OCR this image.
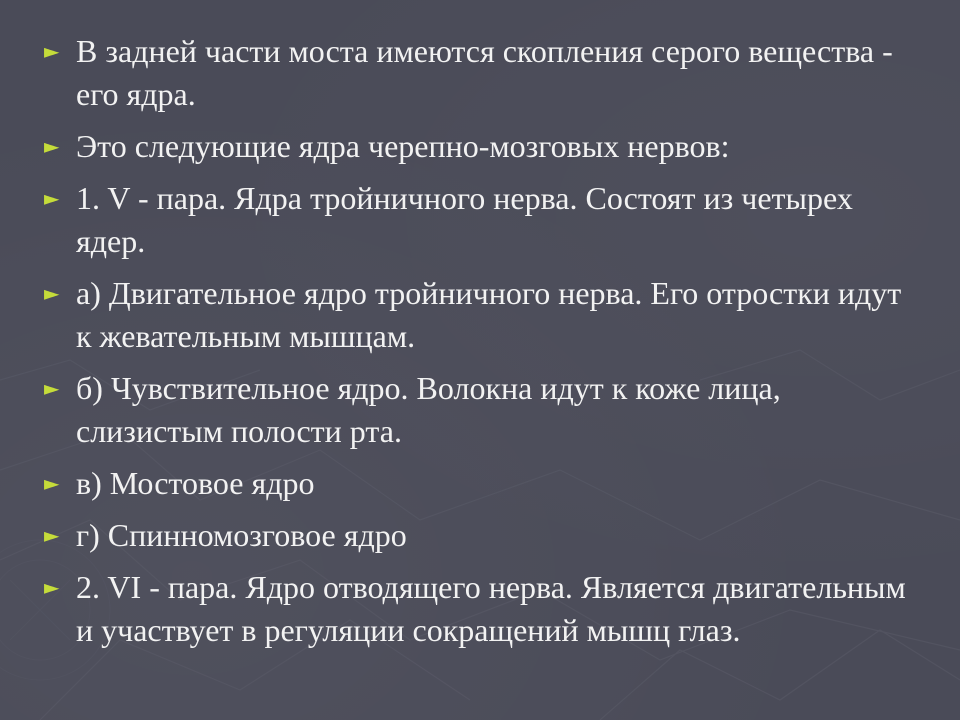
► В задней части моста имеются скопления серого вещества - его ядра.
► Это следующие ядра черепно-мозговых нервов:
► 1. V - пара. Ядра тройничного нерва. Состоят из четырех ядер.
► а) Двигательное ядро тройничного нерва. Его отростки идут к жевательным мышцам.
► б) Чувствительное ядро. Волокна идут к коже лица, слизистым полости рта.
► в) Мостовое ядро
► г) Спинномозговое ядро
► 2. VI - пара. Ядро отводящего нерва. Является двигательным и участвует в регуляции сокращений мышц глаз.
